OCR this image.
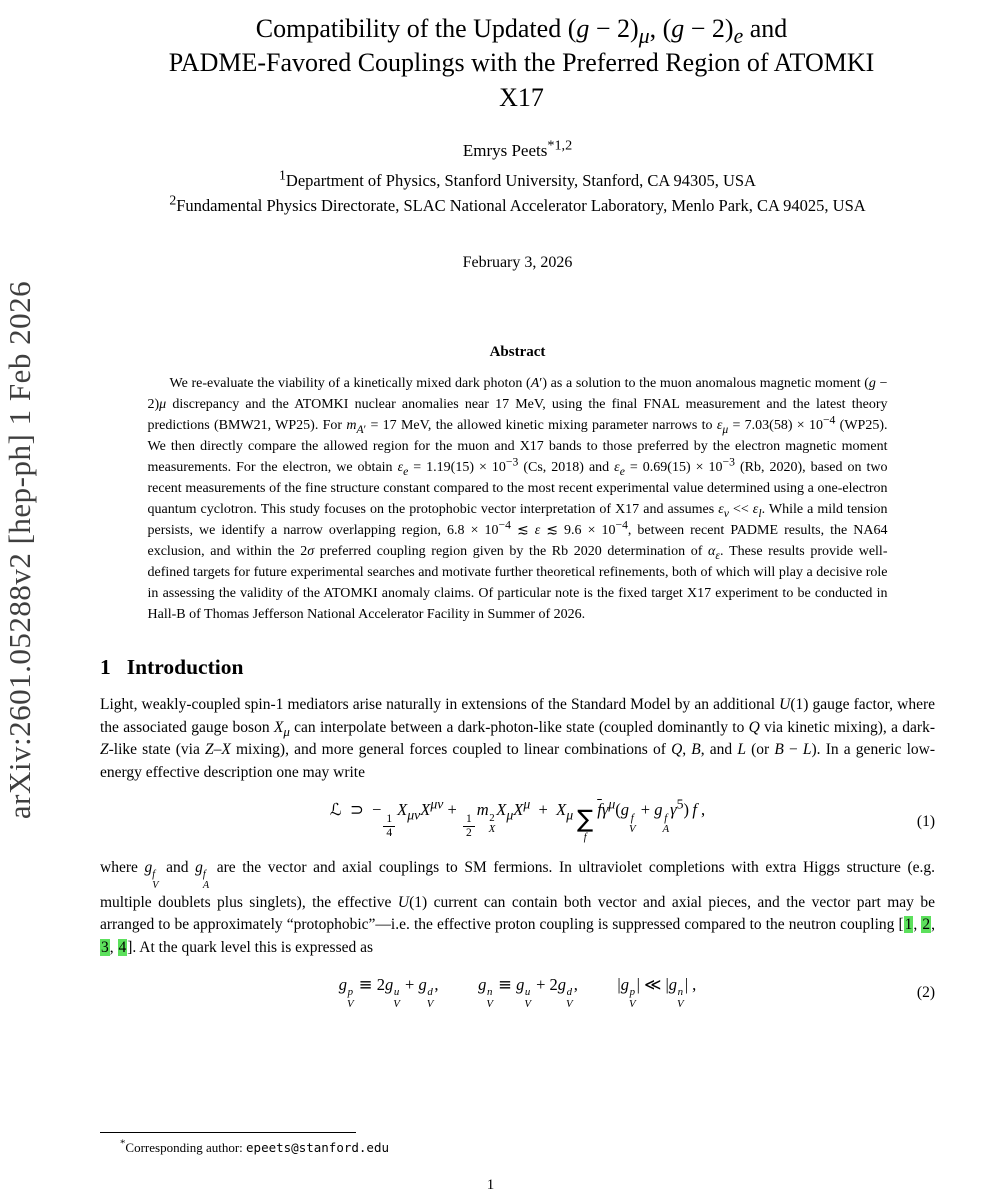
arXiv:2601.05288v2 [hep-ph] 1 Feb 2026
Compatibility of the Updated $(g - 2)_\mu$, $(g - 2)_e$ and
PADME-Favored Couplings with the Preferred Region of ATOMKI
X17
Emrys Peets$^{*1,2}$
$^1$Department of Physics, Stanford University, Stanford, CA 94305, USA
$^2$Fundamental Physics Directorate, SLAC National Accelerator Laboratory, Menlo Park, CA 94025, USA
February 3, 2026
Abstract

We re-evaluate the viability of a kinetically mixed dark photon (A′) as a solution to the muon anomalous magnetic moment (g − 2)μ discrepancy and the ATOMKI nuclear anomalies near 17 MeV, using the final FNAL measurement and the latest theory predictions (BMW21, WP25). For $m_{A'} = 17$ MeV, the allowed kinetic mixing parameter narrows to $\varepsilon_\mu = 7.03(58) \times 10^{-4}$ (WP25). We then directly compare the allowed region for the muon and X17 bands to those preferred by the electron magnetic moment measurements. For the electron, we obtain $\varepsilon_e = 1.19(15) \times 10^{-3}$ (Cs, 2018) and $\varepsilon_e = 0.69(15) \times 10^{-3}$ (Rb, 2020), based on two recent measurements of the fine structure constant compared to the most recent experimental value determined using a one-electron quantum cyclotron. This study focuses on the protophobic vector interpretation of X17 and assumes $\varepsilon_\nu << \varepsilon_l$. While a mild tension persists, we identify a narrow overlapping region, $6.8 \times 10^{-4}$ ≲ ε ≲ $9.6 \times 10^{-4}$, between recent PADME results, the NA64 exclusion, and within the 2σ preferred coupling region given by the Rb 2020 determination of $\alpha_\varepsilon$. These results provide well-defined targets for future experimental searches and motivate further theoretical refinements, both of which will play a decisive role in assessing the validity of the ATOMKI anomaly claims. Of particular note is the fixed target X17 experiment to be conducted in Hall-B of Thomas Jefferson National Accelerator Facility in Summer of 2026.

1 Introduction

Light, weakly-coupled spin-1 mediators arise naturally in extensions of the Standard Model by an additional U(1) gauge factor, where the associated gauge boson $X_\mu$ can interpolate between a dark-photon-like state (coupled dominantly to Q via kinetic mixing), a dark-Z-like state (via Z–X mixing), and more general forces coupled to linear combinations of Q, B, and L (or B − L). In a generic low-energy effective description one may write

ℒ ⊃  −
$\frac{1}{4}$
$X_{\mu\nu}X^{\mu\nu}$ +
$\frac{1}{2}$
m 2
X
$X_\mu X^\mu + X_\mu$ ∑
f
$\overline{f}\gamma^\mu(g$ f
V
+ g f
A
$\gamma^5$) f ,
(1)

where g f
V
and g f
A
are the vector and axial couplings to SM fermions. In ultraviolet completions with extra Higgs structure (e.g. multiple doublets plus singlets), the effective U(1) current can contain both vector and axial pieces, and the vector part may be arranged to be approximately “protophobic”—i.e. the effective proton coupling is suppressed compared to the neutron coupling [1, 2, 3, 4]. At the quark level this is expressed as

g p
V
≡ 2g u
V
+ g d
V
, g n
V
≡ g u
V
+ 2g d
V
, |g p
V
| ≪ |g n
V
| ,	(2)
*Corresponding author: epeets@stanford.edu
1
